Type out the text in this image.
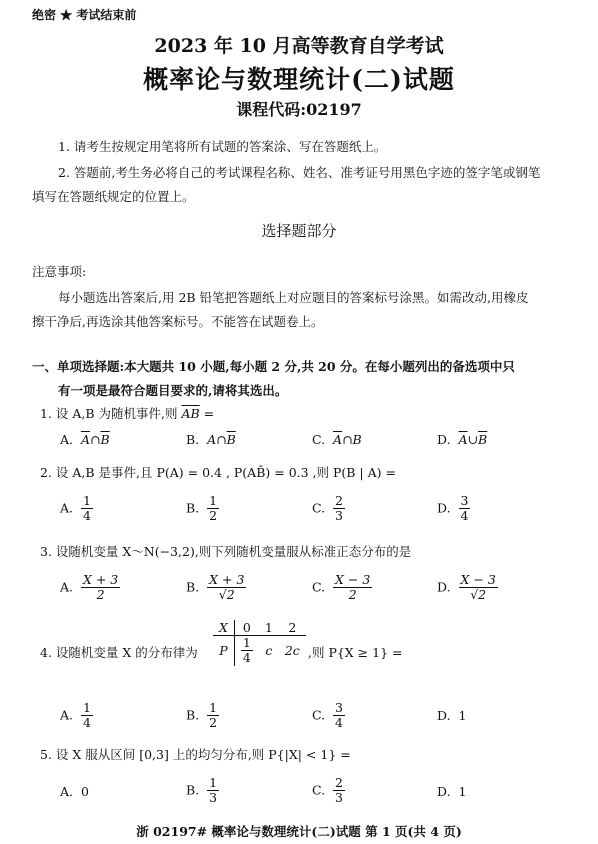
绝密 ★ 考试结束前
2023 年 10 月高等教育自学考试
概率论与数理统计(二)试题
课程代码:02197
1. 请考生按规定用笔将所有试题的答案涂、写在答题纸上。
2. 答题前,考生务必将自己的考试课程名称、姓名、准考证号用黑色字迹的签字笔或钢笔
填写在答题纸规定的位置上。
选择题部分
注意事项:
每小题选出答案后,用 2B 铅笔把答题纸上对应题目的答案标号涂黑。如需改动,用橡皮
擦干净后,再选涂其他答案标号。不能答在试题卷上。
一、单项选择题:本大题共 10 小题,每小题 2 分,共 20 分。在每小题列出的备选项中只
有一项是最符合题目要求的,请将其选出。
1. 设 A,B 为随机事件,则 $\overline{AB}$ =
A. $\overline{A}\cap\overline{B}$	B. $A\cap\overline{B}$	C. $\overline{A}\cap B$	D. $\overline{A}\cup\overline{B}$
2. 设 A,B 是事件,且 P(A) = 0.4 , P(AB̄) = 0.3 ,则 P(B | A) =
A. $\frac{1}{4}$	B. $\frac{1}{2}$	C. $\frac{2}{3}$	D. $\frac{3}{4}$
3. 设随机变量 X～N(−3,2),则下列随机变量服从标准正态分布的是
A. $\frac{X + 3}{2}$	B. $\frac{X + 3}{√2}$	C. $\frac{X - 3}{2}$	D. $\frac{X - 3}{√2}$
4. 设随机变量 X 的分布律为
X	0	1	2
P	$\frac{1}{4}$	c	2c ,则 P{X ≥ 1} =
A. $\frac{1}{4}$	B. $\frac{1}{2}$	C. $\frac{3}{4}$	D. 1
5. 设 X 服从区间 [0,3] 上的均匀分布,则 P{|X| < 1} =
A. 0	B. $\frac{1}{3}$	C. $\frac{2}{3}$	D. 1
浙 02197# 概率论与数理统计(二)试题 第 1 页(共 4 页)
